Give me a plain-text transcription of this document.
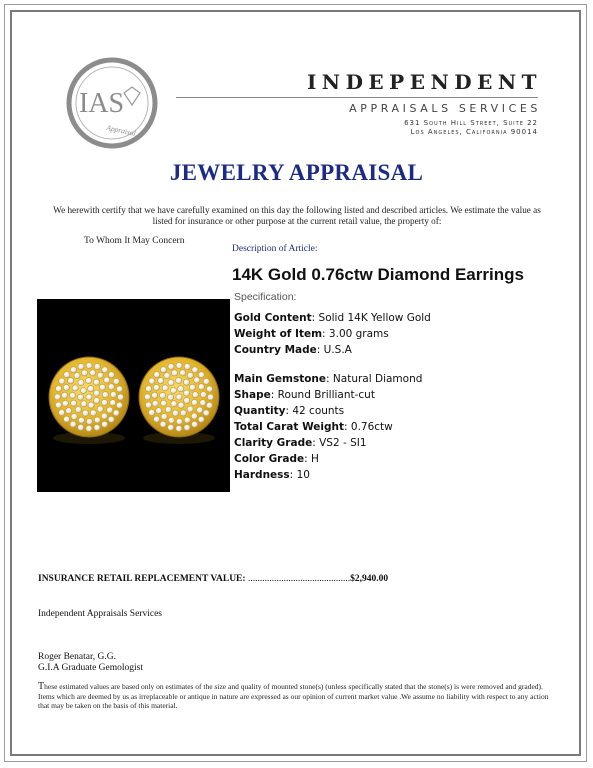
IAS
Appraisal
INDEPENDENT
APPRAISALS SERVICES
631 South Hill Street, Suite 22
Los Angeles, California 90014
JEWELRY APPRAISAL
We herewith certify that we have carefully examined on this day the following listed and described articles. We estimate the value as listed for insurance or other purpose at the current retail value, the property of:
To Whom It May Concern
Description of Article:
14K Gold 0.76ctw Diamond Earrings
Specification:
Gold Content: Solid 14K Yellow Gold
Weight of Item: 3.00 grams
Country Made: U.S.A
Main Gemstone: Natural Diamond
Shape: Round Brilliant-cut
Quantity: 42 counts
Total Carat Weight: 0.76ctw
Clarity Grade: VS2 - SI1
Color Grade: H
Hardness: 10
INSURANCE RETAIL REPLACEMENT VALUE: ...........................................$2,940.00
Independent Appraisals Services
Roger Benatar, G.G.
G.I.A Graduate Gemologist
These estimated values are based only on estimates of the size and quality of mounted stone(s) (unless specifically stated that the stone(s) is were removed and graded). Items which are deemed by us as irreplaceable or antique in nature are expressed as our opinion of current market value .We assume no liability with respect to any action that may be taken on the basis of this material.
